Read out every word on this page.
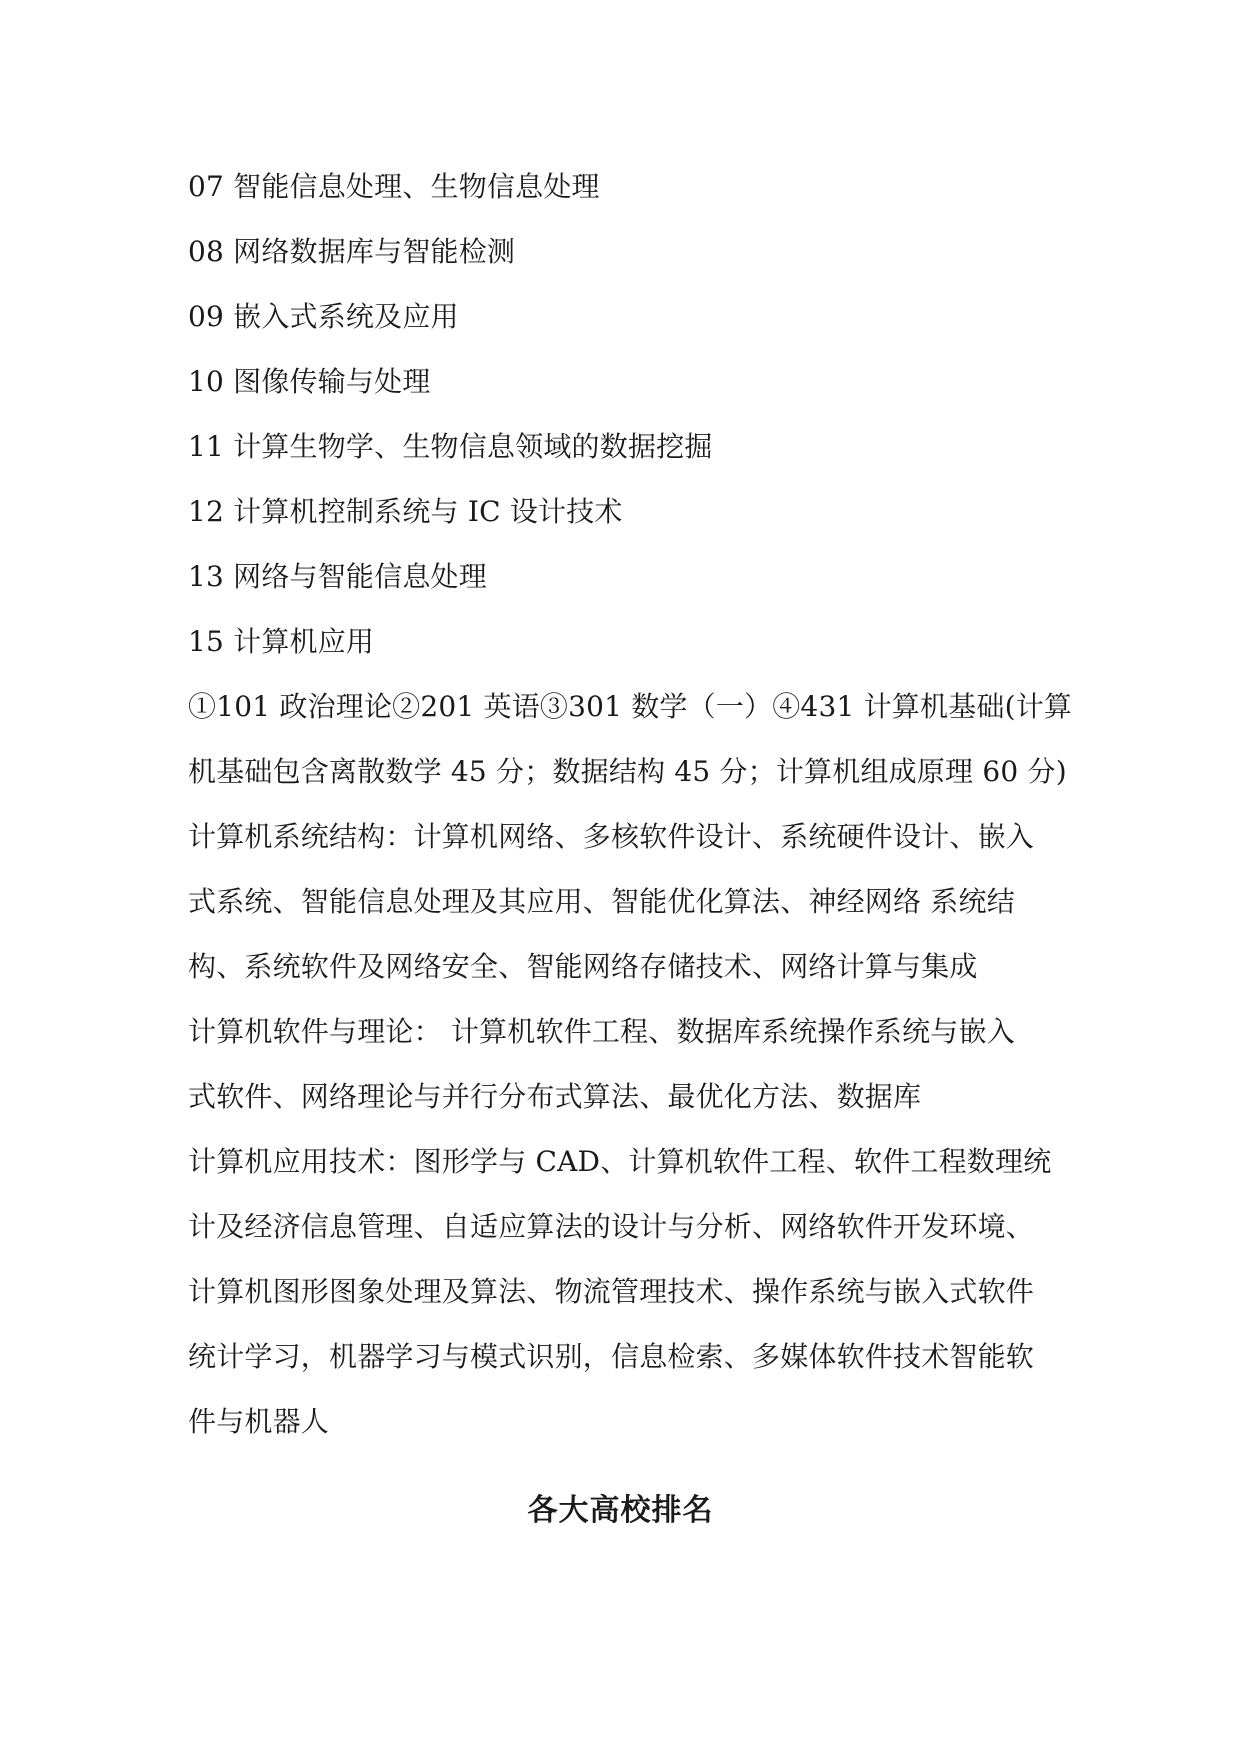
07 智能信息处理、生物信息处理
08 网络数据库与智能检测
09 嵌入式系统及应用
10 图像传输与处理
11 计算生物学、生物信息领域的数据挖掘
12 计算机控制系统与 IC 设计技术
13 网络与智能信息处理
15 计算机应用
①101 政治理论②201 英语③301 数学（一）④431 计算机基础(计算
机基础包含离散数学 45 分；数据结构 45 分；计算机组成原理 60 分)
计算机系统结构：计算机网络、多核软件设计、系统硬件设计、嵌入
式系统、智能信息处理及其应用、智能优化算法、神经网络 系统结
构、系统软件及网络安全、智能网络存储技术、网络计算与集成
计算机软件与理论： 计算机软件工程、数据库系统操作系统与嵌入
式软件、网络理论与并行分布式算法、最优化方法、数据库
计算机应用技术：图形学与 CAD、计算机软件工程、软件工程数理统
计及经济信息管理、自适应算法的设计与分析、网络软件开发环境、
计算机图形图象处理及算法、物流管理技术、操作系统与嵌入式软件
统计学习，机器学习与模式识别，信息检索、多媒体软件技术智能软
件与机器人
各大高校排名
